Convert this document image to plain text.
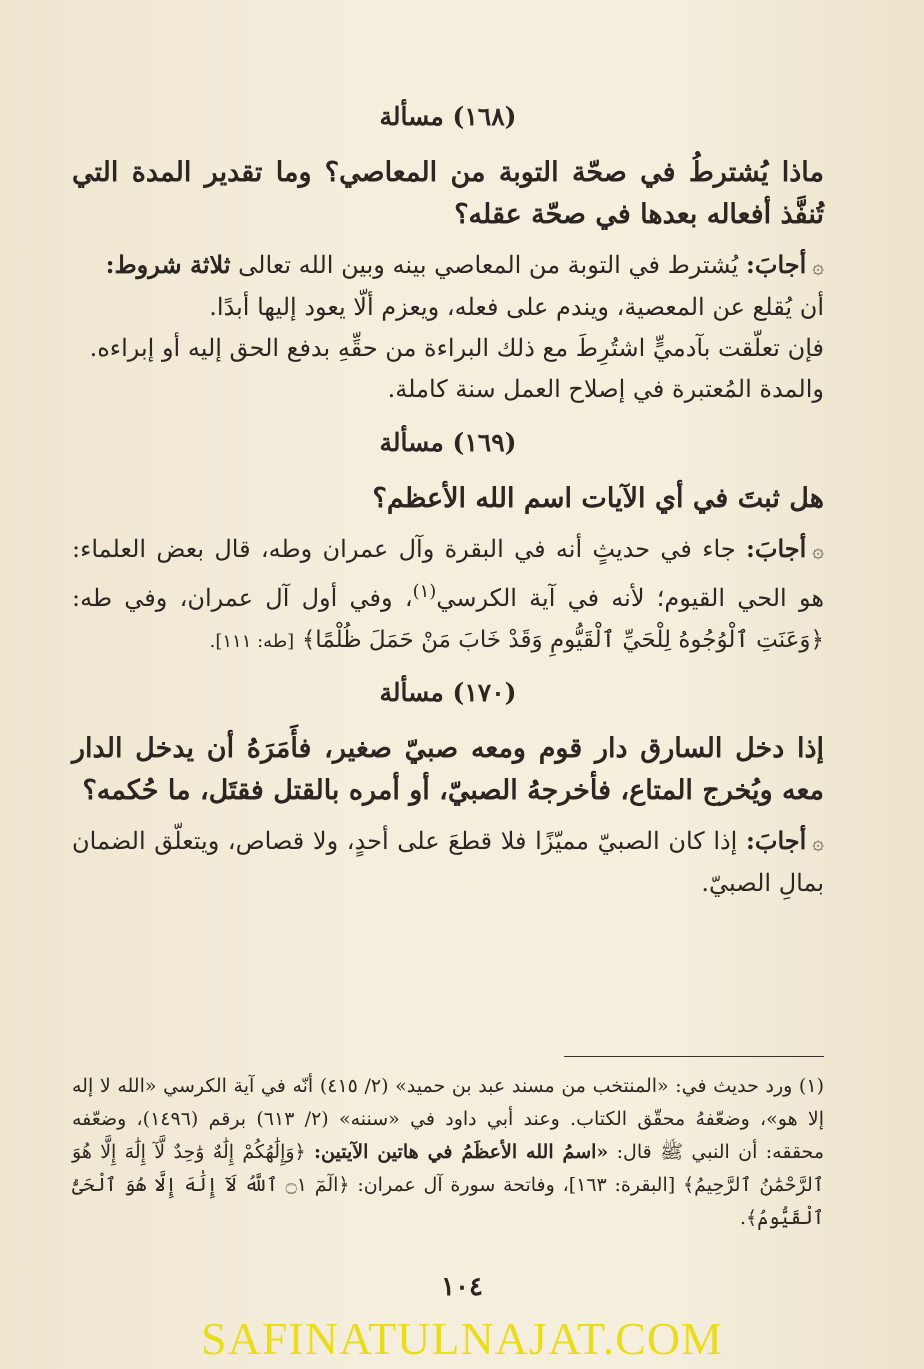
(١٦٨) مسألة
ماذا يُشترطُ في صحّة التوبة من المعاصي؟ وما تقدير المدة التي تُنفَّذ أفعاله بعدها في صحّة عقله؟

۞أجابَ: يُشترط في التوبة من المعاصي بينه وبين الله تعالى ثلاثة شروط:

أن يُقلع عن المعصية، ويندم على فعله، ويعزم ألّا يعود إليها أبدًا.

فإن تعلّقت بآدميٍّ اشتُرِطَ مع ذلك البراءة من حقِّهِ بدفع الحق إليه أو إبراءه.

والمدة المُعتبرة في إصلاح العمل سنة كاملة.

(١٦٩) مسألة
هل ثبتَ في أي الآيات اسم الله الأعظم؟

۞أجابَ: جاء في حديثٍ أنه في البقرة وآل عمران وطه، قال بعض العلماء: هو الحي القيوم؛ لأنه في آية الكرسي$^{(١)}$، وفي أول آل عمران، وفي طه: ﴿وَعَنَتِ ٱلْوُجُوهُ لِلْحَيِّ ٱلْقَيُّومِ وَقَدْ خَابَ مَنْ حَمَلَ ظُلْمًا﴾ [طه: ١١١].

(١٧٠) مسألة
إذا دخل السارق دار قوم ومعه صبيّ صغير، فأَمَرَهُ أن يدخل الدار معه ويُخرج المتاع، فأخرجهُ الصبيّ، أو أمره بالقتل فقتَل، ما حُكمه؟

۞أجابَ: إذا كان الصبيّ مميّزًا فلا قطعَ على أحدٍ، ولا قصاص، ويتعلّق الضمان بمالِ الصبيّ.

(١) ورد حديث في: «المنتخب من مسند عبد بن حميد» (٢/ ٤١٥) أنّه في آية الكرسي «الله لا إله إلا هو»، وضعّفهُ محقّق الكتاب. وعند أبي داود في «سننه» (٢/ ٦١٣) برقم (١٤٩٦)، وضعّفه محققه: أن النبي ﷺ قال: «اسمُ الله الأعظَمُ في هاتين الآيتين: ﴿وَإِلَٰهُكُمْ إِلَٰهٌ وَٰحِدٌ لَّآ إِلَٰهَ إِلَّا هُوَ ٱلرَّحْمَٰنُ ٱلرَّحِيمُ﴾ [البقرة: ١٦٣]، وفاتحة سورة آل عمران: ﴿الٓمٓ ۝١ ٱللَّهُ لَآ إِلَٰهَ إِلَّا هُوَ ٱلْحَىُّ ٱلْقَيُّومُ﴾.
١٠٤
SAFINATULNAJAT.COM
